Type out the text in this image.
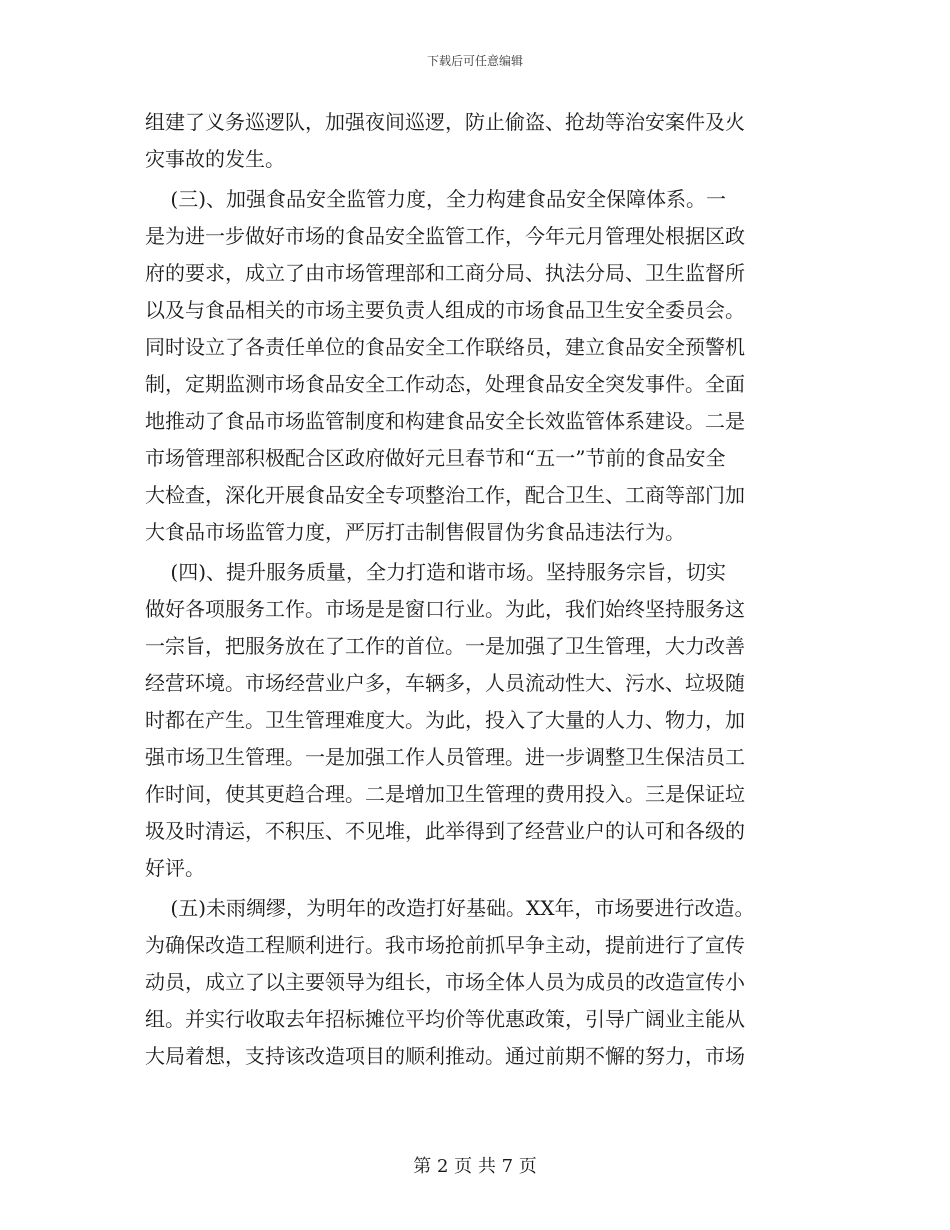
下载后可任意编辑
组建了义务巡逻队，加强夜间巡逻，防止偷盗、抢劫等治安案件及火
灾事故的发生。
(三)、加强食品安全监管力度，全力构建食品安全保障体系。一
是为进一步做好市场的食品安全监管工作，今年元月管理处根据区政
府的要求，成立了由市场管理部和工商分局、执法分局、卫生监督所
以及与食品相关的市场主要负责人组成的市场食品卫生安全委员会。
同时设立了各责任单位的食品安全工作联络员，建立食品安全预警机
制，定期监测市场食品安全工作动态，处理食品安全突发事件。全面
地推动了食品市场监管制度和构建食品安全长效监管体系建设。二是
市场管理部积极配合区政府做好元旦春节和“五一”节前的食品安全
大检查，深化开展食品安全专项整治工作，配合卫生、工商等部门加
大食品市场监管力度，严厉打击制售假冒伪劣食品违法行为。
(四)、提升服务质量，全力打造和谐市场。坚持服务宗旨，切实
做好各项服务工作。市场是是窗口行业。为此，我们始终坚持服务这
一宗旨，把服务放在了工作的首位。一是加强了卫生管理，大力改善
经营环境。市场经营业户多，车辆多，人员流动性大、污水、垃圾随
时都在产生。卫生管理难度大。为此，投入了大量的人力、物力，加
强市场卫生管理。一是加强工作人员管理。进一步调整卫生保洁员工
作时间，使其更趋合理。二是增加卫生管理的费用投入。三是保证垃
圾及时清运，不积压、不见堆，此举得到了经营业户的认可和各级的
好评。
(五)未雨绸缪，为明年的改造打好基础。XX年，市场要进行改造。
为确保改造工程顺利进行。我市场抢前抓早争主动，提前进行了宣传
动员，成立了以主要领导为组长，市场全体人员为成员的改造宣传小
组。并实行收取去年招标摊位平均价等优惠政策，引导广阔业主能从
大局着想，支持该改造项目的顺利推动。通过前期不懈的努力，市场
第 2 页 共 7 页
